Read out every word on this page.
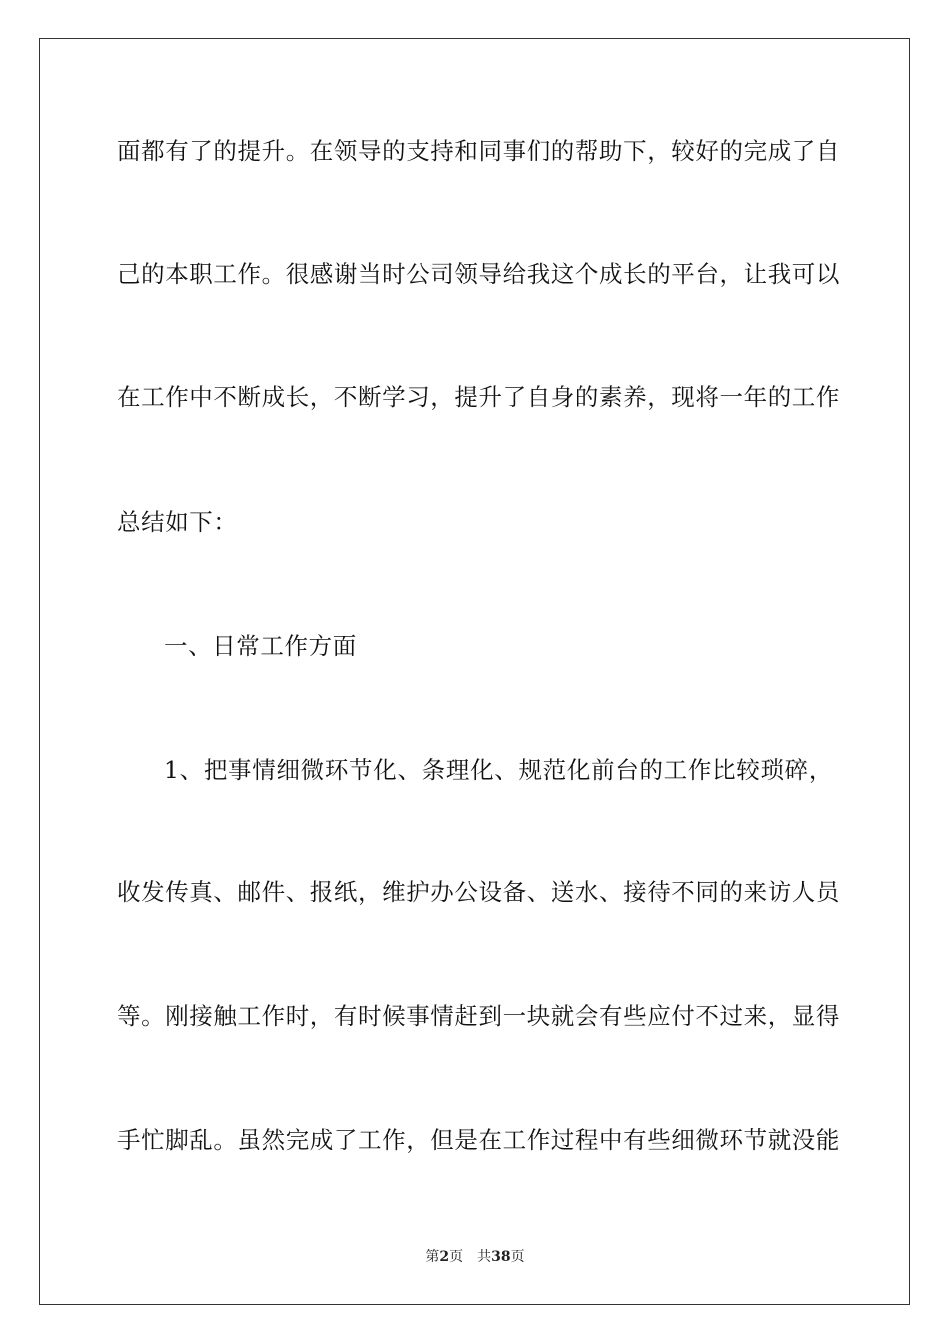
面都有了的提升。在领导的支持和同事们的帮助下，较好的完成了自
己的本职工作。很感谢当时公司领导给我这个成长的平台，让我可以
在工作中不断成长，不断学习，提升了自身的素养，现将一年的工作
总结如下：
一、日常工作方面
1、把事情细微环节化、条理化、规范化前台的工作比较琐碎，
收发传真、邮件、报纸，维护办公设备、送水、接待不同的来访人员
等。刚接触工作时，有时候事情赶到一块就会有些应付不过来，显得
手忙脚乱。虽然完成了工作，但是在工作过程中有些细微环节就没能
第2页 共38页
